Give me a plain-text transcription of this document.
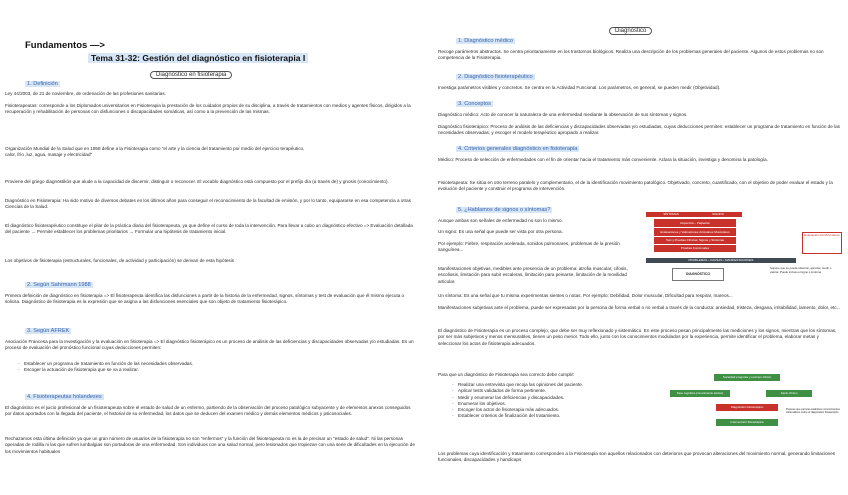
Fundamentos —>
Tema 31-32: Gestión del diagnóstico en fisioterapia I
Diagnóstico en fisioterapia
1. Definición

Ley 44/2003, de 21 de noviembre, de ordenación de las profesiones sanitarias.

Fisioterapeutas: corresponde a los Diplomados universitarios en Fisioterapia la prestación de los cuidados propios de su disciplina, a través de tratamientos con medios y agentes físicos, dirigidos a la recuperación y rehabilitación de personas con disfunciones o discapacidades somáticas, así como a la prevención de las mismas.

Organización Mundial de la Salud que en 1958 define a la Fisioterapia como "el arte y la ciencia del tratamiento por medio del ejercicio terapéutico, calor, frío ,luz, agua, masaje y electricidad"

Proviene del griego diagnōstikós que alude a la capacidad de discernir, distinguir o reconocer. El vocablo diagnóstico está compuesto por el prefijo día (a través de) y gnosis (conocimiento).

Diagnóstico en Fisioterapia: Ha sido motivo de diversos debates en los últimos años para conseguir el reconocimiento de la facultad de emisión, y por lo tanto, equipararse en esa competencia a otras Ciencias de la Salud.

El diagnóstico fisioterapéutico constituye el pilar de la práctica diaria del fisioterapeuta, ya que define el curso de toda la intervención. Para llevar a cabo un diagnóstico efectivo => Evaluación detallada del paciente → Permite establecer los problemas prioritarios → Formular una hipótesis de tratamiento inicial.

Los objetivos de fisioterapia (estructurales, funcionales, de actividad y participación) se derivan de esta hipótesis

2. Según Sahrmann 1988

Primera definición de diagnóstico en fisioterapia => El fisioterapeuta identifica las disfunciones a partir de la historia de la enfermedad, signos, síntomas y test de evaluación que él mismo ejecuta o solicita. Diagnóstico de fisioterapia es la expresión que se asigna a las disfunciones esenciales que son objeto de tratamiento fisioterápico.

3. Según AFREK

Asociación Francesa para la Investigación y la evaluación en fisioterapia => El diagnóstico fisioterápico es un proceso de análisis de las deficiencias y discapacidades observadas y/o estudiadas. Es un proceso de evaluación del pronóstico funcional cuyas deducciones permiten:

- Establecer un programa de tratamiento en función de las necesidades observadas.
- Escoger la actuación de fisioterapia que se va a realizar.
4. Fisioterapeutas holandeses

El diagnóstico es el juicio profesional de un fisioterapeuta sobre el estado de salud de un enfermo, partiendo de la observación del proceso patológico subyacente y de elementos anexos conseguidos por datos aportados con la llegada del paciente, el historial de su enfermedad, los datos que se deducen del examen médico y demás elementos médicos y psicosociales.

Rechazamos esta última definición ya que un gran número de usuarios de la fisioterapia no son "enfermos" y la función del fisioterapeuta no es la de precisar un "estado de salud". Ni las personas operadas de rodilla ni las que sufren lumbalgias son portadoras de una enfermedad. Son individuos con una salud normal, pero lesionados que tropiezan con una serie de dificultades en la ejecución de los movimientos habituales

Diagnóstico
1. Diagnóstico médico

Recoge parámetros abstractos. Se centra prioritariamente en los trastornos biológicos. Realiza una descripción de los problemas generales del paciente. Algunos de estos problemas no son competencia de la Fisioterapia.

2. Diagnóstico fisioterapéutico

Investiga parámetros visibles y concretos. Se centra en la Actividad Funcional. Los parámetros, en general, se pueden medir (Objetividad).

3. Conceptos

Diagnóstico médico: Acto de conocer la naturaleza de una enfermedad mediante la observación de sus síntomas y signos.

Diagnóstico fisioterápico: Proceso de análisis de las deficiencias y discapacidades observadas y/o estudiadas, cuyas deducciones permiten: establecer un programa de tratamiento en función de las necesidades observadas, y escoger el modelo terapéutico apropiado a realizar.

4. Criterios generales diagnóstico en fisioterapia

Médico: Proceso de selección de enfermedades con el fin de orientar hacia el tratamiento más conveniente. Aclara la situación, investiga y denomina la patología.

Fisioterapeuta: Se sitúa en otro terreno paralelo y complementario, el de la identificación movimiento patológico. Objetivado, concreto, cuantificado, con el objetivo de poder evaluar el estado y la evolución del paciente y construir el programa de intervención.

5. ¿Hablamos de signos o síntomas?

Aunque ambas son señales de enfermedad no son lo mismo.

Un signo: Es una señal que puede ser vista por otra persona.

Por ejemplo: Fiebre, respiración acelerada, sonidos pulmonares, problemas de la presión sanguínea...

Manifestaciones objetivas, medibles ante presencia de un problema: atrofia muscular, cifosis, escoliosis, limitación para subir escaleras, limitación para peinarse, limitación de la movilidad articular.

SÍNTOMAS	SIGNOS
Inspección - Palpación
Evaluaciones y Valoraciones Articulares Musculares
Test y Pruebas Clínicas: Signos y Síntomas
Pruebas Funcionales
Evaluación del Movimiento
PROBLEMAS • CAUSAS • MANIFESTACIONES
DIAGNÓSTICO
Supone que se pueda observar, apreciar, medir o valorar. Puede incluso el signo o síntoma

Un síntoma: Es una señal que tu misma experimentas sientes o notas. Por ejemplo: Debilidad, Dolor muscular, Dificultad para respirar, mareos...

Manifestaciones subjetivas ante el problema, puede ser expresadas por la persona de forma verbal o no verbal a través de la conducta: ansiedad, tristeza, desgana, irritabilidad, lamento, dolor, etc...

El diagnóstico de Fisioterapia es un proceso complejo, que debe ser muy reflexionado y sistemático. En este proceso pesan principalmente las mediciones y los signos, mientras que los síntomas, por ser más subjetivos y menos mensurables, tienen un peso menor. Todo ello, junto con los conocimientos modulados por la experiencia, permite identificar el problema, elaborar metas y seleccionar los actos de fisioterapia adecuados.

Para que un diagnóstico de Fisioterapia sea correcto debe cumplir:

- Realizar una entrevista que recoja las opiniones del paciente.
- Aplicar tests validados de forma pertinente.
- Medir y enumerar las deficiencias y discapacidades.
- Enumerar los objetivos.
- Escoger los actos de fisioterapia más adecuados.
- Establecer criterios de finalización del tratamiento.
Sociedad pregunta y examen clínico
Fase cognitiva (conocimiento teórico)	Juicio clínico
Diagnóstico fisioterápico
Intervención fisioterápica
Proceso que permite establecer conocimientos sistemáticos sobre el diagnóstico fisioterápico

Los problemas cuya identificación y tratamiento corresponden a la Fisioterapia son aquellos relacionados con deterioros que provocan alteraciones del movimiento normal, generando limitaciones funcionales, discapacidades y handicaps
